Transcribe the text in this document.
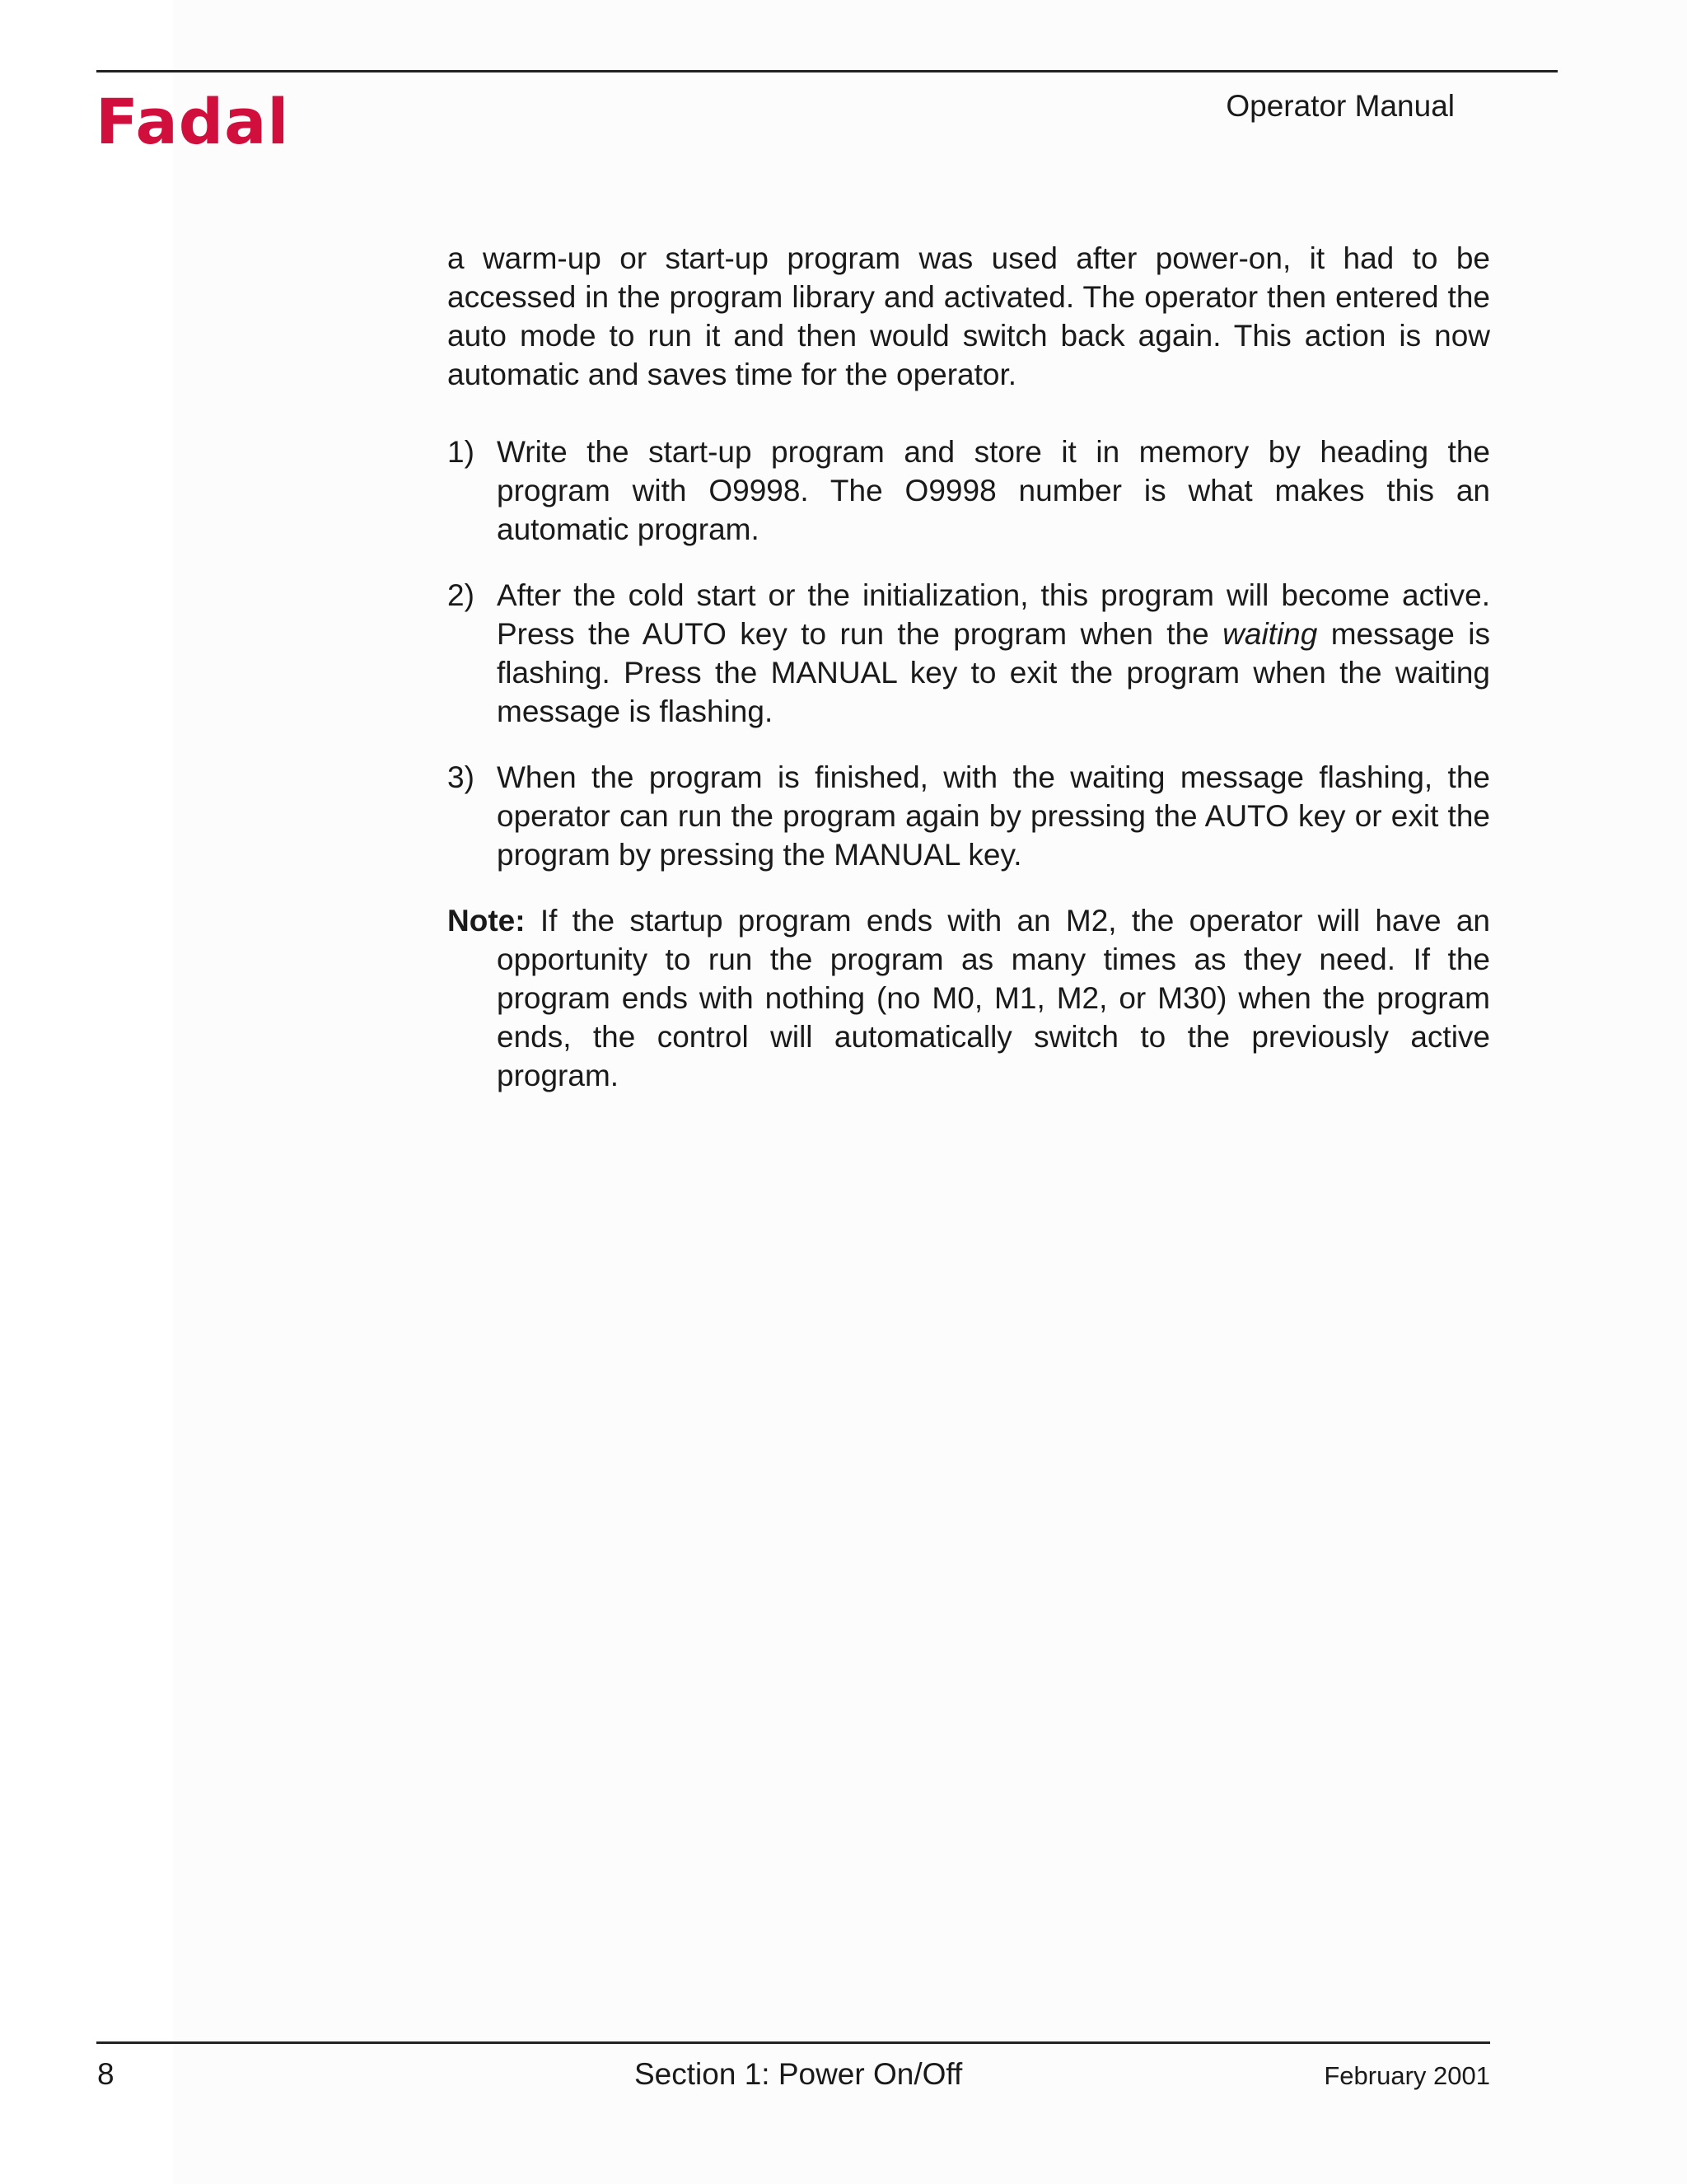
Fadal	Operator Manual

a warm-up or start-up program was used after power-on, it had to be accessed in the program library and activated. The operator then entered the auto mode to run it and then would switch back again. This action is now automatic and saves time for the operator.

1) Write the start-up program and store it in memory by heading the program with O9998. The O9998 number is what makes this an automatic program.

2) After the cold start or the initialization, this program will become active. Press the AUTO key to run the program when the waiting message is flashing. Press the MANUAL key to exit the program when the waiting message is flashing.

3) When the program is finished, with the waiting message flashing, the operator can run the program again by pressing the AUTO key or exit the program by pressing the MANUAL key.

Note: If the startup program ends with an M2, the operator will have an opportunity to run the program as many times as they need. If the program ends with nothing (no M0, M1, M2, or M30) when the program ends, the control will automatically switch to the previously active program.

8	Section 1: Power On/Off	February 2001
